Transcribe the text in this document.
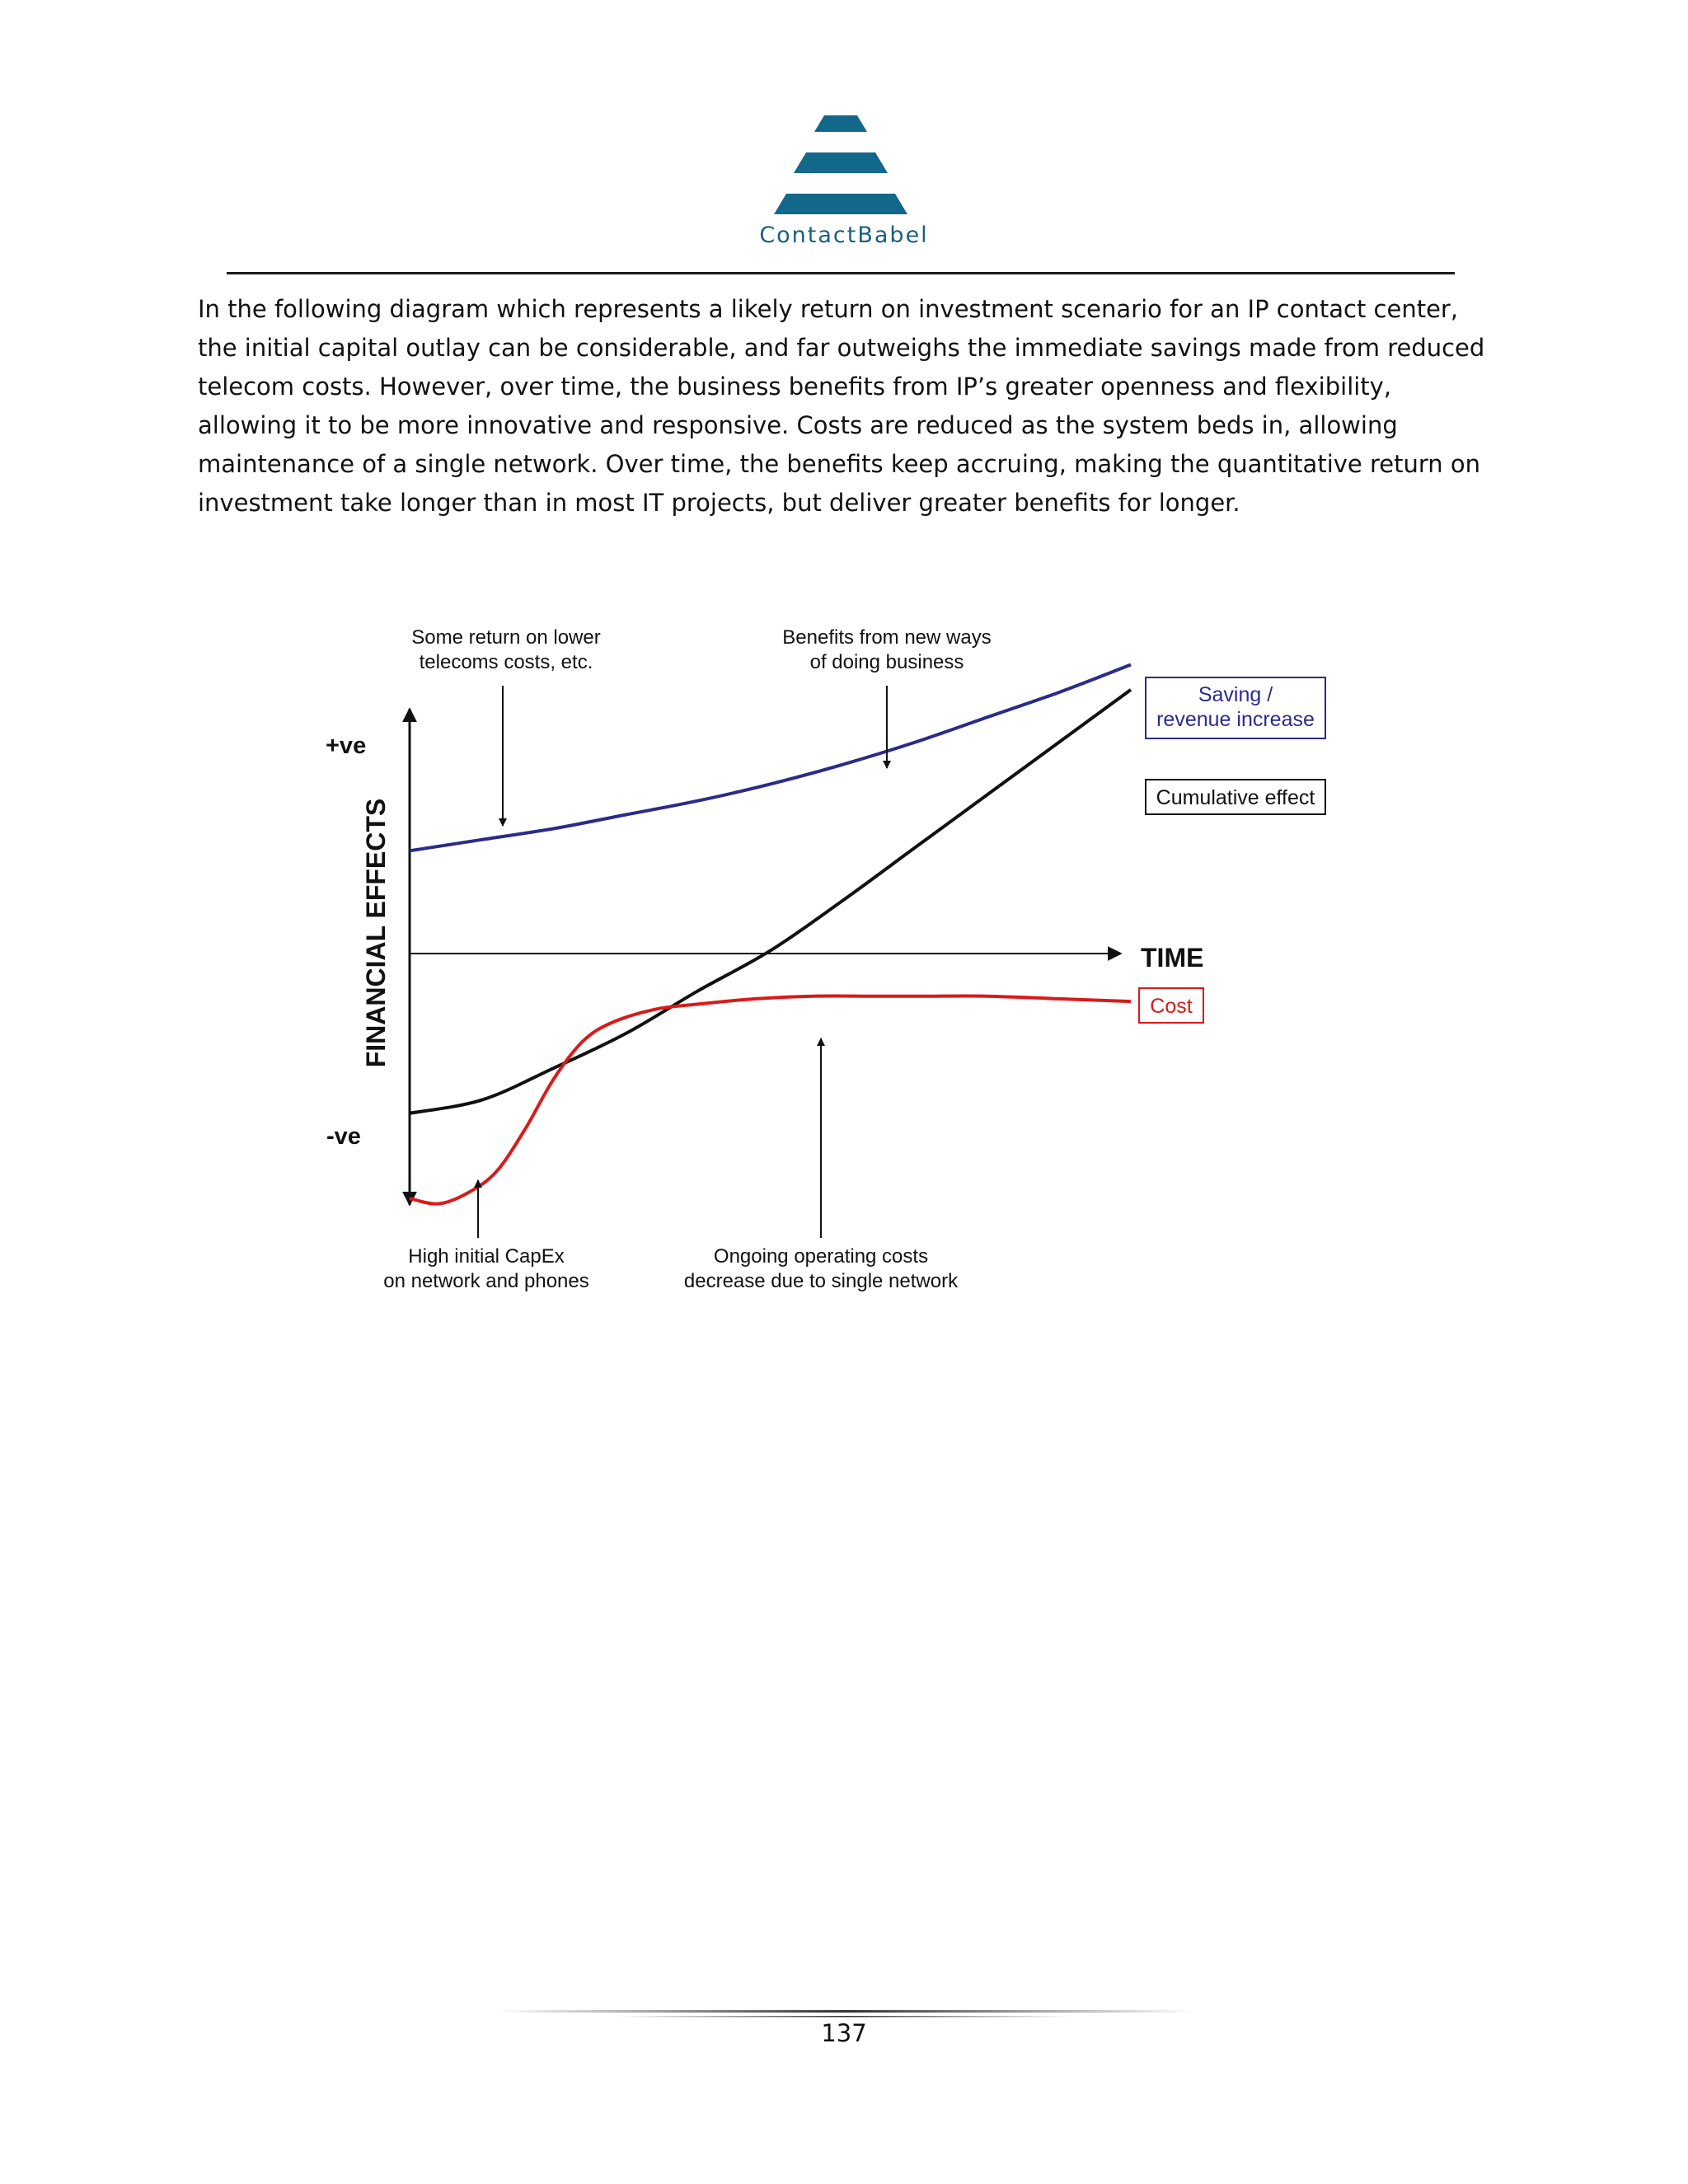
ContactBabel

In the following diagram which represents a likely return on investment scenario for an IP contact center, the initial capital outlay can be considerable, and far outweighs the immediate savings made from reduced telecom costs. However, over time, the business benefits from IP’s greater openness and flexibility, allowing it to be more innovative and responsive. Costs are reduced as the system beds in, allowing maintenance of a single network. Over time, the benefits keep accruing, making the quantitative return on investment take longer than in most IT projects, but deliver greater benefits for longer.

+ve
-ve
FINANCIAL EFFECTS	TIME
Saving / revenue increase
Cumulative effect
Cost
Some return on lower telecoms costs, etc.
Benefits from new ways of doing business
High initial CapEx on network and phones
Ongoing operating costs decrease due to single network
137
